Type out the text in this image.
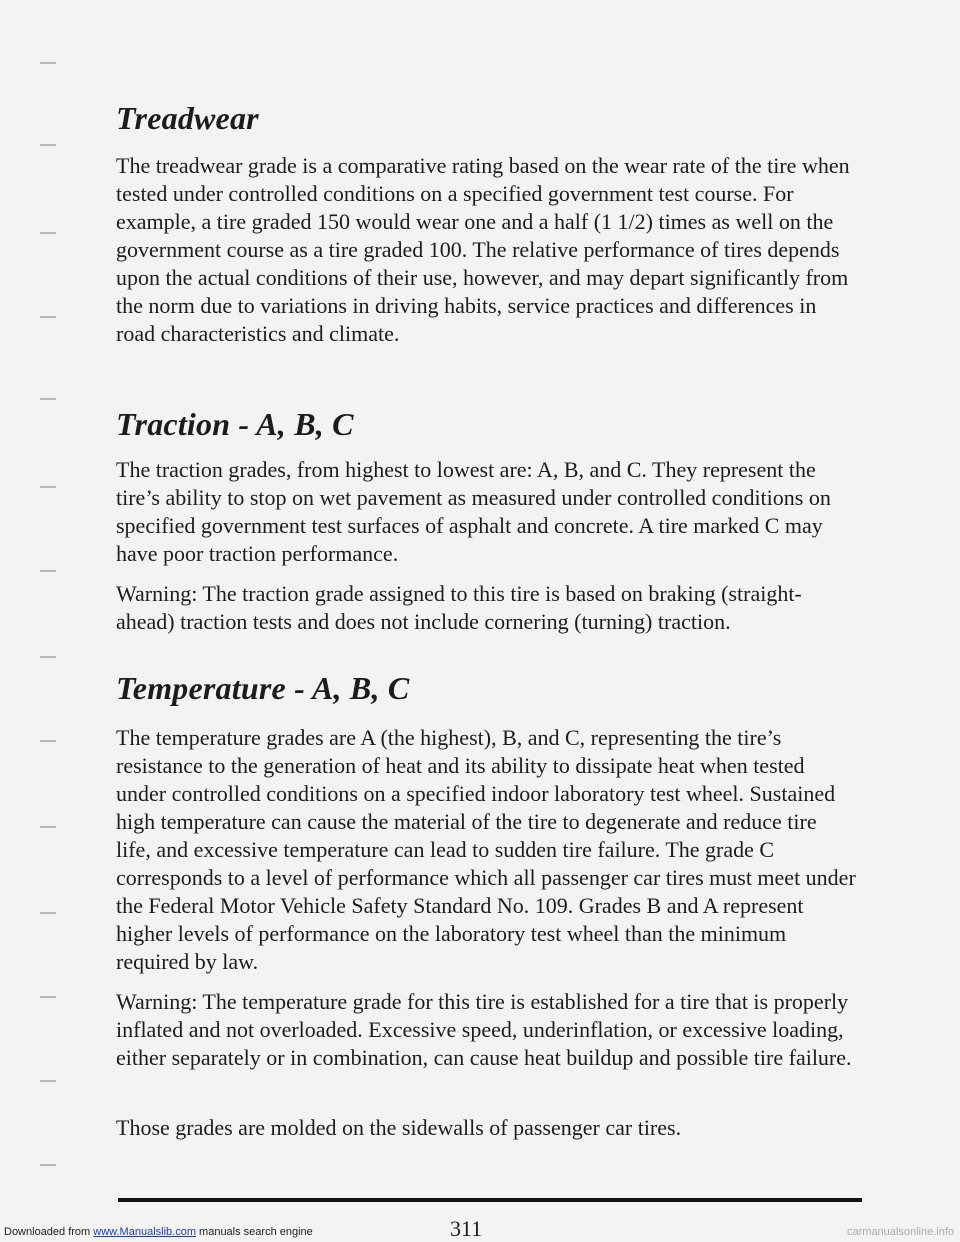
Treadwear

The treadwear grade is a comparative rating based on the wear rate of the tire when tested under controlled conditions on a specified government test course. For example, a tire graded 150 would wear one and a half (1 1/2) times as well on the government course as a tire graded 100. The relative performance of tires depends upon the actual conditions of their use, however, and may depart significantly from the norm due to variations in driving habits, service practices and differences in road characteristics and climate.

Traction - A, B, C

The traction grades, from highest to lowest are: A, B, and C. They represent the tire’s ability to stop on wet pavement as measured under controlled conditions on specified government test surfaces of asphalt and concrete. A tire marked C may have poor traction performance.

Warning: The traction grade assigned to this tire is based on braking (straight-ahead) traction tests and does not include cornering (turning) traction.

Temperature - A, B, C

The temperature grades are A (the highest), B, and C, representing the tire’s resistance to the generation of heat and its ability to dissipate heat when tested under controlled conditions on a specified indoor laboratory test wheel. Sustained high temperature can cause the material of the tire to degenerate and reduce tire life, and excessive temperature can lead to sudden tire failure. The grade C corresponds to a level of performance which all passenger car tires must meet under the Federal Motor Vehicle Safety Standard No. 109. Grades B and A represent higher levels of performance on the laboratory test wheel than the minimum required by law.

Warning: The temperature grade for this tire is established for a tire that is properly inflated and not overloaded. Excessive speed, underinflation, or excessive loading, either separately or in combination, can cause heat buildup and possible tire failure.

Those grades are molded on the sidewalls of passenger car tires.

311
Downloaded from www.Manualslib.com manuals search engine	carmanualsonline.info
